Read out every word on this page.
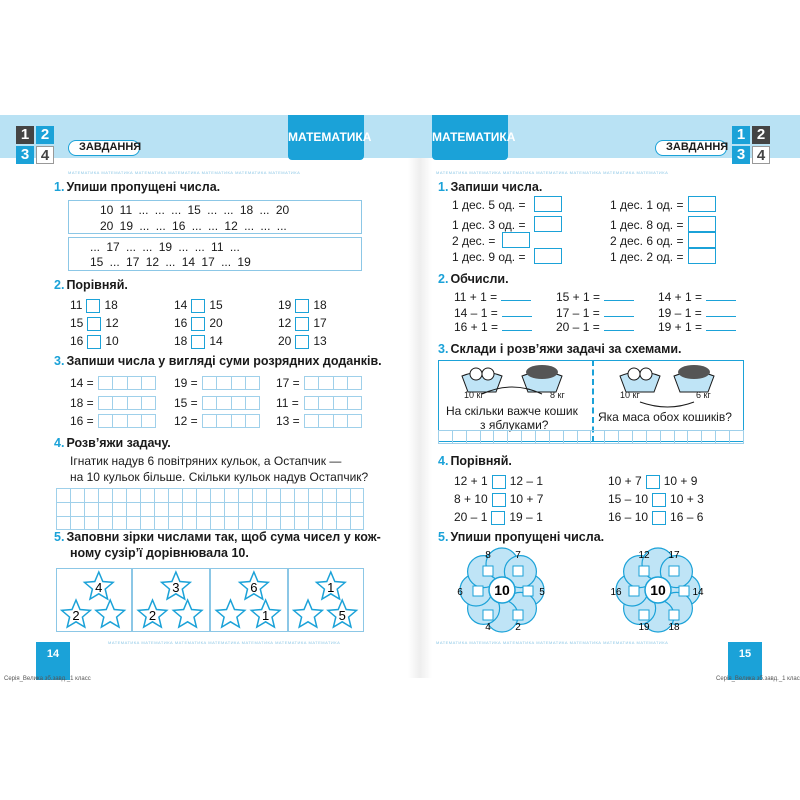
1 2
3 4	ЗАВДАННЯ
МАТЕМАТИКА	1 2
3 4
ЗАВДАННЯ
МАТЕМАТИКА
МАТЕМАТИКА МАТЕМАТИКА МАТЕМАТИКА МАТЕМАТИКА МАТЕМАТИКА МАТЕМАТИКА МАТЕМАТИКА	МАТЕМАТИКА МАТЕМАТИКА МАТЕМАТИКА МАТЕМАТИКА МАТЕМАТИКА МАТЕМАТИКА МАТЕМАТИКА
МАТЕМАТИКА МАТЕМАТИКА МАТЕМАТИКА МАТЕМАТИКА МАТЕМАТИКА МАТЕМАТИКА МАТЕМАТИКА	МАТЕМАТИКА МАТЕМАТИКА МАТЕМАТИКА МАТЕМАТИКА МАТЕМАТИКА МАТЕМАТИКА МАТЕМАТИКА
1. Упиши пропущені числа.
10 11 ... ... ... 15 ... ... 18 ... 20
20 19 ... ... 16 ... ... 12 ... ... ...
... 17 ... ... 19 ... ... 11 ...
15 ... 17 12 ... 14 17 ... 19
2. Порівняй.
11 18	14 15	19 18
15 12	16 20	12 17
16 10	18 14	20 13
3. Запиши числа у вигляді суми розрядних доданків.
14 =	19 =	17 =
18 =	15 =	11 =
16 =	12 =	13 =
4. Розв’яжи задачу.
Ігнатик надув 6 повітряних кульок, а Остапчик —
на 10 кульок більше. Скільки кульок надув Остапчик?
5. Заповни зірки числами так, щоб сума чисел у кож-
ному сузір’ї дорівнювала 10.
4
2
3
2
6
1
1
5
14
Серія_Велика зб.завд._1 класс
1. Запиши числа.
1 дес. 5 од. =	1 дес. 1 од. =
1 дес. 3 од. =	1 дес. 8 од. =
2 дес. =	2 дес. 6 од. =
1 дес. 9 од. =	1 дес. 2 од. =
2. Обчисли.
11 + 1 =	15 + 1 =	14 + 1 =
14 – 1 =	17 – 1 =	19 – 1 =
16 + 1 =	20 – 1 =	19 + 1 =
3. Склади і розв’яжи задачі за схемами.
10 кг	8 кг	10 кг	6 кг
На скільки важче кошик
з яблуками?
Яка маса обох кошиків?
4. Порівняй.
12 + 1 12 – 1	10 + 7 10 + 9
8 + 10 10 + 7	15 – 10 10 + 3
20 – 1 19 – 1	16 – 10 16 – 6
5. Упиши пропущені числа.
10
8 7
6	5
4 2
10
12 17
16	14
19 18
15
Серія_Велика зб.завд._1 клас
